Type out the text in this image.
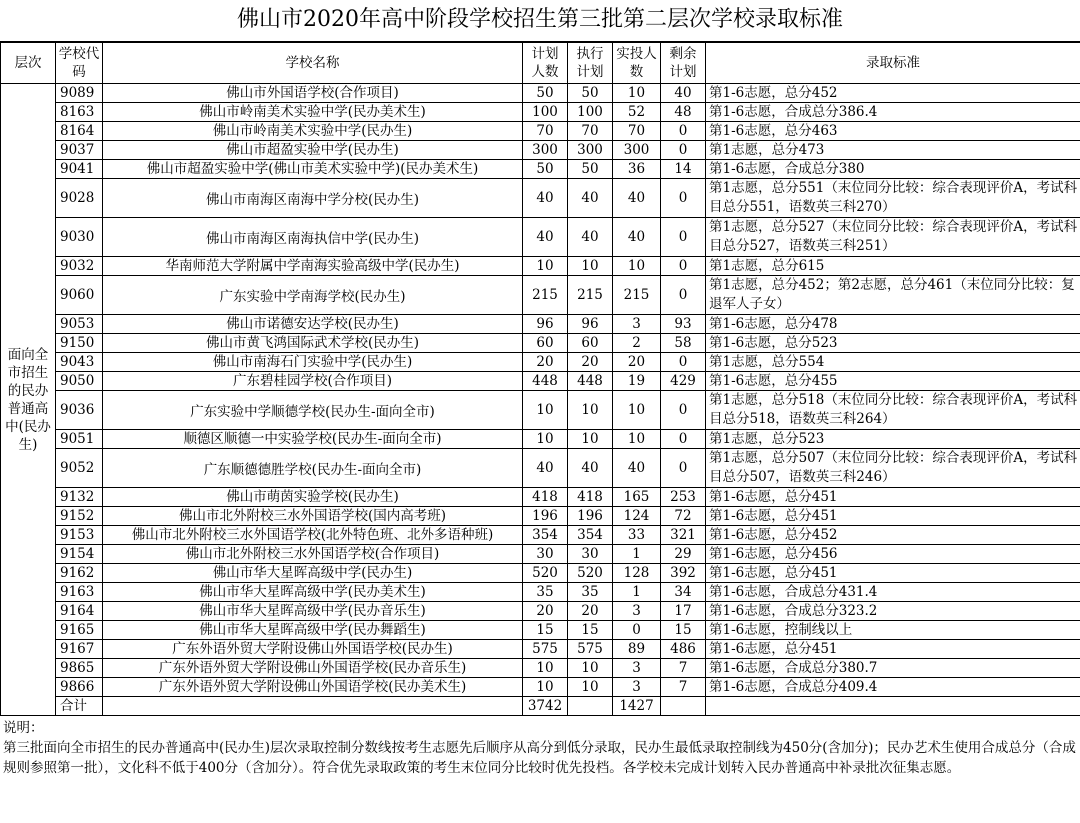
佛山市2020年高中阶段学校招生第三批第二层次学校录取标准
层次	学校代码	学校名称	计划人数	执行计划	实投人数	剩余计划	录取标准
面向全市招生的民办普通高中(民办生)	9089	佛山市外国语学校(合作项目)	50	50	10	40	第1-6志愿，总分452
	8163	佛山市岭南美术实验中学(民办美术生)	100	100	52	48	第1-6志愿，合成总分386.4
	8164	佛山市岭南美术实验中学(民办生)	70	70	70	0	第1-6志愿，总分463
	9037	佛山市超盈实验中学(民办生)	300	300	300	0	第1志愿，总分473
	9041	佛山市超盈实验中学(佛山市美术实验中学)(民办美术生)	50	50	36	14	第1-6志愿，合成总分380
	9028	佛山市南海区南海中学分校(民办生)	40	40	40	0	第1志愿，总分551（末位同分比较：综合表现评价A，考试科目总分551，语数英三科270）
	9030	佛山市南海区南海执信中学(民办生)	40	40	40	0	第1志愿，总分527（末位同分比较：综合表现评价A，考试科目总分527，语数英三科251）
	9032	华南师范大学附属中学南海实验高级中学(民办生)	10	10	10	0	第1志愿，总分615
	9060	广东实验中学南海学校(民办生)	215	215	215	0	第1志愿，总分452；第2志愿，总分461（末位同分比较：复退军人子女）
	9053	佛山市诺德安达学校(民办生)	96	96	3	93	第1-6志愿，总分478
	9150	佛山市黄飞鸿国际武术学校(民办生)	60	60	2	58	第1-6志愿，总分523
	9043	佛山市南海石门实验中学(民办生)	20	20	20	0	第1志愿，总分554
	9050	广东碧桂园学校(合作项目)	448	448	19	429	第1-6志愿，总分455
	9036	广东实验中学顺德学校(民办生-面向全市)	10	10	10	0	第1志愿，总分518（末位同分比较：综合表现评价A，考试科目总分518，语数英三科264）
	9051	顺德区顺德一中实验学校(民办生-面向全市)	10	10	10	0	第1志愿，总分523
	9052	广东顺德德胜学校(民办生-面向全市)	40	40	40	0	第1志愿，总分507（末位同分比较：综合表现评价A，考试科目总分507，语数英三科246）
	9132	佛山市萌茵实验学校(民办生)	418	418	165	253	第1-6志愿，总分451
	9152	佛山市北外附校三水外国语学校(国内高考班)	196	196	124	72	第1-6志愿，总分451
	9153	佛山市北外附校三水外国语学校(北外特色班、北外多语种班)	354	354	33	321	第1-6志愿，总分452
	9154	佛山市北外附校三水外国语学校(合作项目)	30	30	1	29	第1-6志愿，总分456
	9162	佛山市华大星晖高级中学(民办生)	520	520	128	392	第1-6志愿，总分451
	9163	佛山市华大星晖高级中学(民办美术生)	35	35	1	34	第1-6志愿，合成总分431.4
	9164	佛山市华大星晖高级中学(民办音乐生)	20	20	3	17	第1-6志愿，合成总分323.2
	9165	佛山市华大星晖高级中学(民办舞蹈生)	15	15	0	15	第1-6志愿，控制线以上
	9167	广东外语外贸大学附设佛山外国语学校(民办生)	575	575	89	486	第1-6志愿，总分451
	9865	广东外语外贸大学附设佛山外国语学校(民办音乐生)	10	10	3	7	第1-6志愿，合成总分380.7
	9866	广东外语外贸大学附设佛山外国语学校(民办美术生)	10	10	3	7	第1-6志愿，合成总分409.4
	合计		3742		1427		

说明：

第三批面向全市招生的民办普通高中(民办生)层次录取控制分数线按考生志愿先后顺序从高分到低分录取，民办生最低录取控制线为450分(含加分)；民办艺术生使用合成总分（合成规则参照第一批），文化科不低于400分（含加分）。符合优先录取政策的考生末位同分比较时优先投档。各学校未完成计划转入民办普通高中补录批次征集志愿。
